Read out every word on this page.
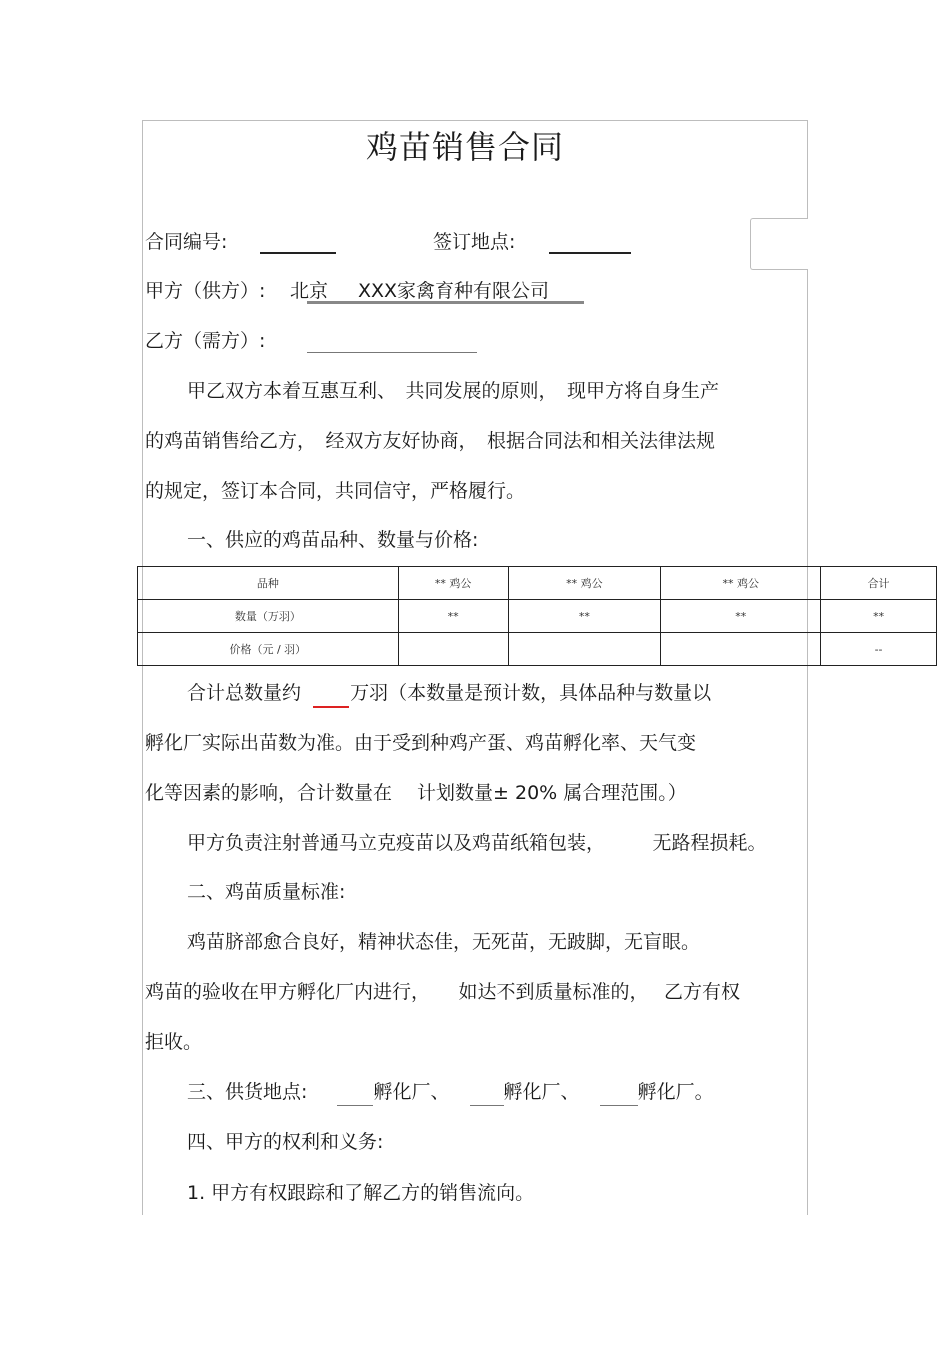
鸡苗销售合同
合同编号:	签订地点:
甲方（供方）: 北京 XXX家禽育种有限公司
乙方（需方）:
甲乙双方本着互惠互利、　共同发展的原则，　现甲方将自身生产
的鸡苗销售给乙方，　经双方友好协商，　根据合同法和相关法律法规
的规定，签订本合同，共同信守，严格履行。
一、供应的鸡苗品种、数量与价格:
品种	** 鸡公	** 鸡公	** 鸡公	合计
数量（万羽）	**	**	**	**
价格（元 / 羽）				--
合计总数量约	万羽（本数量是预计数，具体品种与数量以
孵化厂实际出苗数为准。由于受到种鸡产蛋、鸡苗孵化率、天气变
化等因素的影响，合计数量在　 计划数量± 20% 属合理范围。）
甲方负责注射普通马立克疫苗以及鸡苗纸箱包装，　　　无路程损耗。
二、鸡苗质量标准:
鸡苗脐部愈合良好，精神状态佳，无死苗，无跛脚，无盲眼。
鸡苗的验收在甲方孵化厂内进行，　　如达不到质量标准的，　 乙方有权
拒收。
三、供货地点:	孵化厂、	孵化厂、	孵化厂。
四、甲方的权利和义务:
1. 甲方有权跟踪和了解乙方的销售流向。
